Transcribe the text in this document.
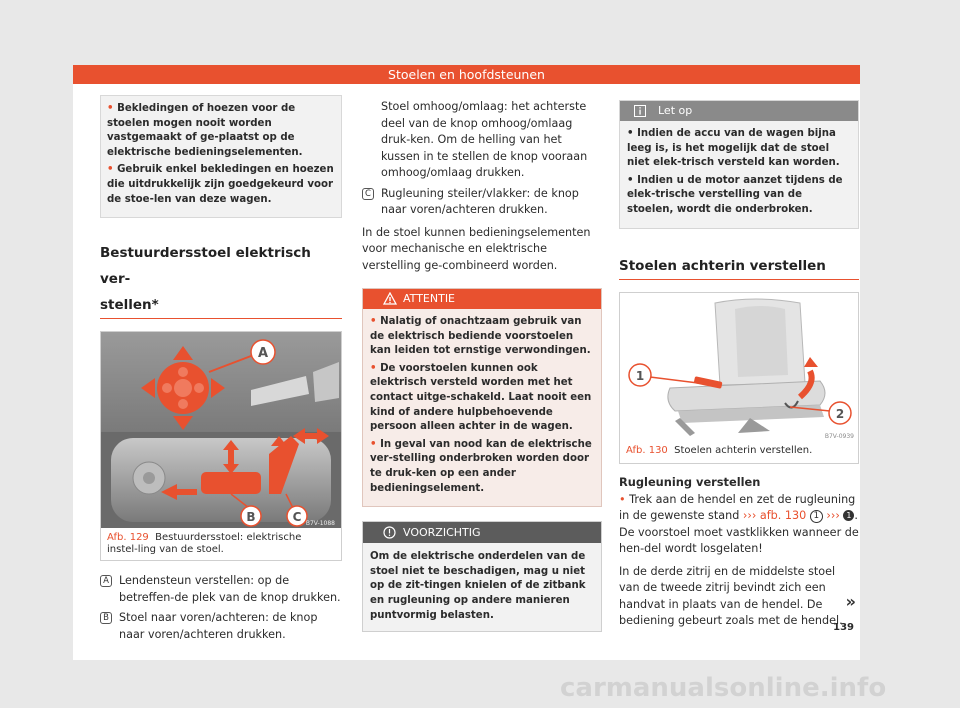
Stoelen en hoofdsteunen

• Bekledingen of hoezen voor de stoelen mogen nooit worden vastgemaakt of ge-plaatst op de elektrische bedieningselementen.

• Gebruik enkel bekledingen en hoezen die uitdrukkelijk zijn goedgekeurd voor de stoe-len van deze wagen.

Bestuurdersstoel elektrisch ver-
stellen*
A
B	C B7V-1088
Afb. 129 Bestuurdersstoel: elektrische instel-ling van de stoel.
A Lendensteun verstellen: op de betreffen-de plek van de knop drukken.
B Stoel naar voren/achteren: de knop naar voren/achteren drukken.
Stoel omhoog/omlaag: het achterste deel van de knop omhoog/omlaag druk-ken. Om de helling van het kussen in te stellen de knop vooraan omhoog/omlaag drukken.
C Rugleuning steiler/vlakker: de knop naar voren/achteren drukken.

In de stoel kunnen bedieningselementen voor mechanische en elektrische verstelling ge-combineerd worden.

ATTENTIE

• Nalatig of onachtzaam gebruik van de elektrisch bediende voorstoelen kan leiden tot ernstige verwondingen.

• De voorstoelen kunnen ook elektrisch versteld worden met het contact uitge-schakeld. Laat nooit een kind of andere hulpbehoevende persoon alleen achter in de wagen.

• In geval van nood kan de elektrische ver-stelling onderbroken worden door te druk-ken op een ander bedieningselement.

VOORZICHTIG

Om de elektrische onderdelen van de stoel niet te beschadigen, mag u niet op de zit-tingen knielen of de zitbank en rugleuning op andere manieren puntvormig belasten.

Let op

• Indien de accu van de wagen bijna leeg is, is het mogelijk dat de stoel niet elek-trisch versteld kan worden.

• Indien u de motor aanzet tijdens de elek-trische verstelling van de stoelen, wordt die onderbroken.

Stoelen achterin verstellen
1
2
B7V-0939
Afb. 130 Stoelen achterin verstellen.

Rugleuning verstellen

• Trek aan de hendel en zet de rugleuning in de gewenste stand ››› afb. 130 1 ››› 1 . De voorstoel moet vastklikken wanneer de hen-del wordt losgelaten!

In de derde zitrij en de middelste stoel van de tweede zitrij bevindt zich een handvat in plaats van de hendel. De bediening gebeurt zoals met de hendel.

»
139
carmanualsonline.info
